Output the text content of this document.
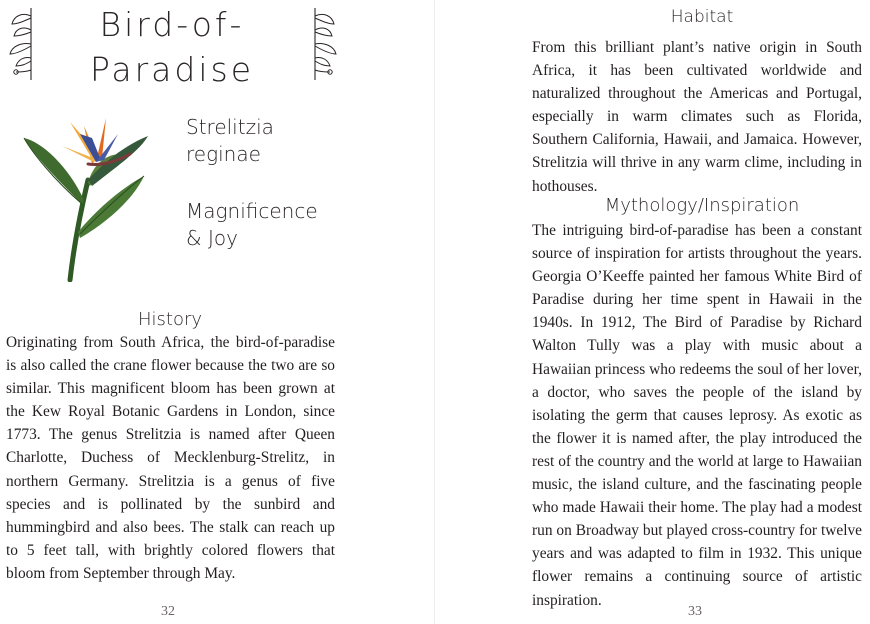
Bird-of-
Paradise
Strelitzia
reginae
Magnificence
& Joy
History

Originating from South Africa, the bird-of-paradise is also called the crane flower because the two are so similar. This magnificent bloom has been grown at the Kew Royal Botanic Gardens in London, since 1773. The genus Strelitzia is named after Queen Charlotte, Duchess of Mecklenburg-Strelitz, in northern Germany. Strelitzia is a genus of five species and is pollinated by the sunbird and hummingbird and also bees. The stalk can reach up to 5 feet tall, with brightly colored flowers that bloom from September through May.

32
Habitat

From this brilliant plant’s native origin in South Africa, it has been cultivated worldwide and naturalized throughout the Americas and Portugal, especially in warm climates such as Florida, Southern California, Hawaii, and Jamaica. However, Strelitzia will thrive in any warm clime, including in hothouses.

Mythology/Inspiration

The intriguing bird-of-paradise has been a constant source of inspiration for artists throughout the years. Georgia O’Keeffe painted her famous White Bird of Paradise during her time spent in Hawaii in the 1940s. In 1912, The Bird of Paradise by Richard Walton Tully was a play with music about a Hawaiian princess who redeems the soul of her lover, a doctor, who saves the people of the island by isolating the germ that causes leprosy. As exotic as the flower it is named after, the play introduced the rest of the country and the world at large to Hawaiian music, the island culture, and the fascinating people who made Hawaii their home. The play had a modest run on Broadway but played cross-country for twelve years and was adapted to film in 1932. This unique flower remains a continuing source of artistic inspiration.

33
